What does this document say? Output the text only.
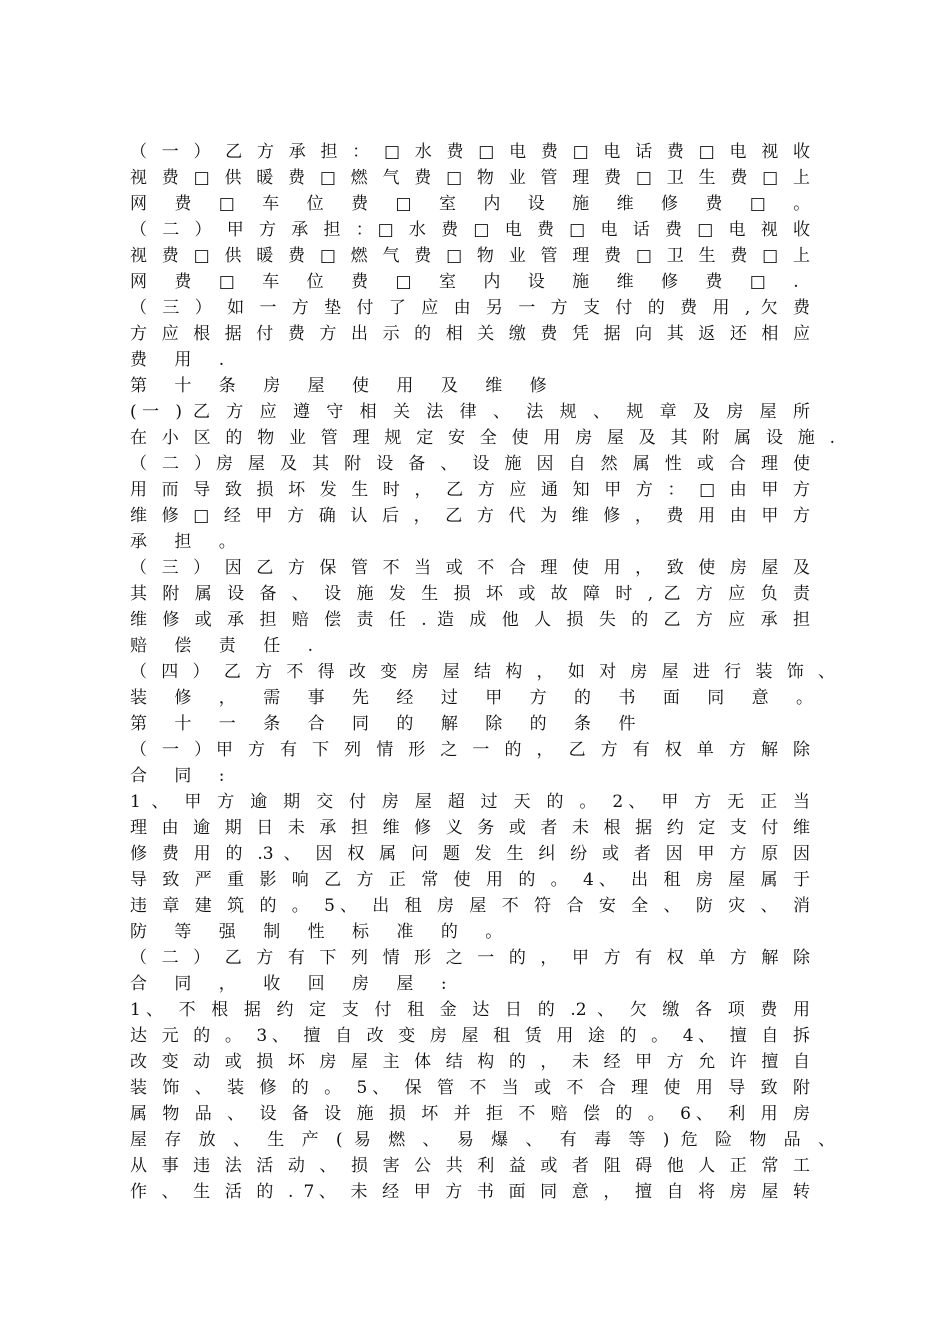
（ 一 ） 乙 方 承 担 ： □ 水 费 □ 电 费 □ 电 话 费 □ 电 视 收
视 费 □ 供 暖 费 □ 燃 气 费 □ 物 业 管 理 费 □ 卫 生 费 □ 上
网 费 □ 车 位 费 □ 室 内 设 施 维 修 费 □ 。
（ 二 ） 甲 方 承 担 ：□ 水 费 □ 电 费 □ 电 话 费 □ 电 视 收
视 费 □ 供 暖 费 □ 燃 气 费 □ 物 业 管 理 费 □ 卫 生 费 □ 上
网 费 □ 车 位 费 □ 室 内 设 施 维 修 费 □ .
（ 三 ） 如 一 方 垫 付 了 应 由 另 一 方 支 付 的 费 用 , 欠 费
方 应 根 据 付 费 方 出 示 的 相 关 缴 费 凭 据 向 其 返 还 相 应
费 用 .
第 十 条 房 屋 使 用 及 维 修
(一 ) 乙 方 应 遵 守 相 关 法 律 、 法 规 、 规 章 及 房 屋 所
在 小 区 的 物 业 管 理 规 定 安 全 使 用 房 屋 及 其 附 属 设 施 .
（ 二 ）房 屋 及 其 附 设 备 、 设 施 因 自 然 属 性 或 合 理 使
用 而 导 致 损 坏 发 生 时 ， 乙 方 应 通 知 甲 方 ： □ 由 甲 方
维 修 □ 经 甲 方 确 认 后 ， 乙 方 代 为 维 修 ， 费 用 由 甲 方
承 担 。
（ 三 ） 因 乙 方 保 管 不 当 或 不 合 理 使 用 ， 致 使 房 屋 及
其 附 属 设 备 、 设 施 发 生 损 坏 或 故 障 时 , 乙 方 应 负 责
维 修 或 承 担 赔 偿 责 任 . 造 成 他 人 损 失 的 乙 方 应 承 担
赔 偿 责 任 .
（ 四 ） 乙 方 不 得 改 变 房 屋 结 构 ， 如 对 房 屋 进 行 装 饰 、
装 修 ， 需 事 先 经 过 甲 方 的 书 面 同 意 。
第 十 一 条 合 同 的 解 除 的 条 件
（ 一 ）甲 方 有 下 列 情 形 之 一 的 ， 乙 方 有 权 单 方 解 除
合 同 :
1 、 甲 方 逾 期 交 付 房 屋 超 过 天 的 。 2、 甲 方 无 正 当
理 由 逾 期 日 未 承 担 维 修 义 务 或 者 未 根 据 约 定 支 付 维
修 费 用 的 .3 、 因 权 属 问 题 发 生 纠 纷 或 者 因 甲 方 原 因
导 致 严 重 影 响 乙 方 正 常 使 用 的 。 4、 出 租 房 屋 属 于
违 章 建 筑 的 。 5、 出 租 房 屋 不 符 合 安 全 、 防 灾 、 消
防 等 强 制 性 标 准 的 。
（ 二 ） 乙 方 有 下 列 情 形 之 一 的 ， 甲 方 有 权 单 方 解 除
合 同 ， 收 回 房 屋 :
1、 不 根 据 约 定 支 付 租 金 达 日 的 .2 、 欠 缴 各 项 费 用
达 元 的 。 3、 擅 自 改 变 房 屋 租 赁 用 途 的 。 4、 擅 自 拆
改 变 动 或 损 坏 房 屋 主 体 结 构 的 ， 未 经 甲 方 允 许 擅 自
装 饰 、 装 修 的 。 5、 保 管 不 当 或 不 合 理 使 用 导 致 附
属 物 品 、 设 备 设 施 损 坏 并 拒 不 赔 偿 的 。 6、 利 用 房
屋 存 放 、 生 产 ( 易 燃 、 易 爆 、 有 毒 等 ) 危 险 物 品 、
从 事 违 法 活 动 、 损 害 公 共 利 益 或 者 阻 碍 他 人 正 常 工
作 、 生 活 的 . 7、 未 经 甲 方 书 面 同 意 ， 擅 自 将 房 屋 转
